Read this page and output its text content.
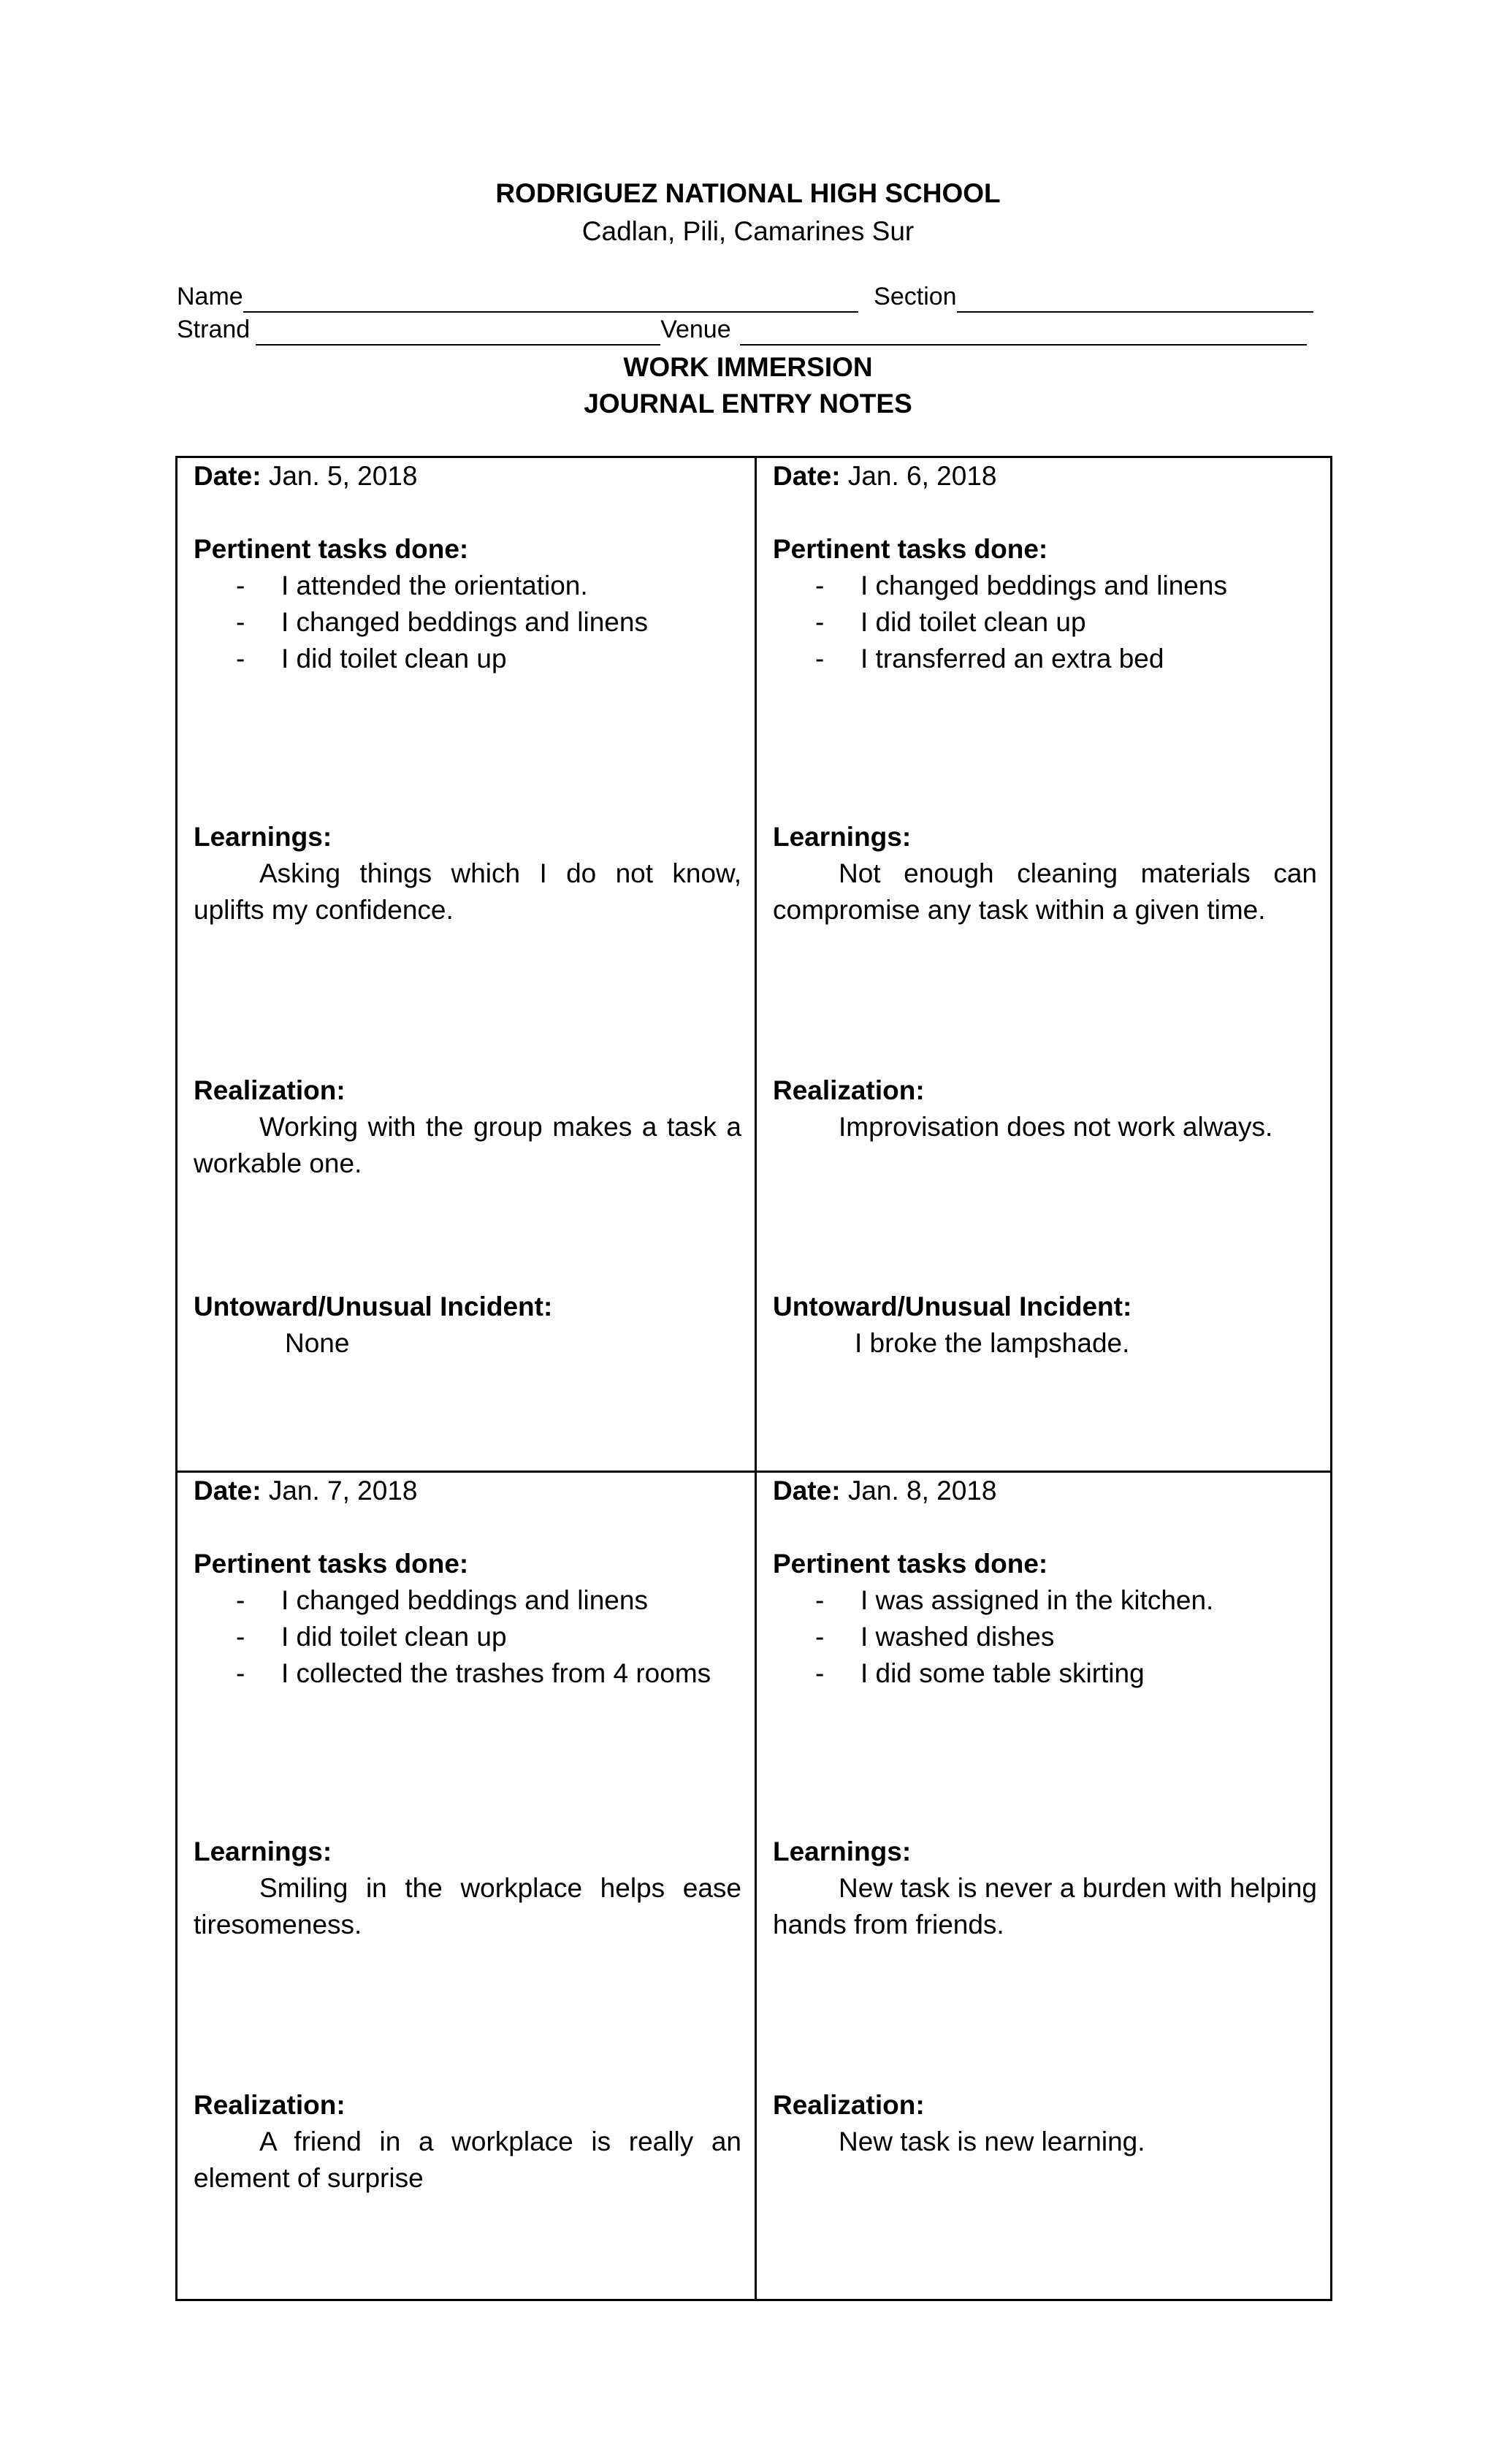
RODRIGUEZ NATIONAL HIGH SCHOOL
Cadlan, Pili, Camarines Sur
Name	Section
Strand	Venue
WORK IMMERSION
JOURNAL ENTRY NOTES
Date: Jan. 5, 2018
Pertinent tasks done:
- I attended the orientation.
- I changed beddings and linens
- I did toilet clean up
Learnings:
Asking things which I do not know, uplifts my confidence.
Realization:
Working with the group makes a task a workable one.
Untoward/Unusual Incident:
None
Date: Jan. 6, 2018
Pertinent tasks done:
- I changed beddings and linens
- I did toilet clean up
- I transferred an extra bed
Learnings:
Not enough cleaning materials can compromise any task within a given time.
Realization:
Improvisation does not work always.
Untoward/Unusual Incident:
I broke the lampshade.
Date: Jan. 7, 2018
Pertinent tasks done:
- I changed beddings and linens
- I did toilet clean up
- I collected the trashes from 4 rooms
Learnings:
Smiling in the workplace helps ease tiresomeness.
Realization:
A friend in a workplace is really an element of surprise
Date: Jan. 8, 2018
Pertinent tasks done:
- I was assigned in the kitchen.
- I washed dishes
- I did some table skirting
Learnings:
New task is never a burden with helping hands from friends.
Realization:
New task is new learning.
